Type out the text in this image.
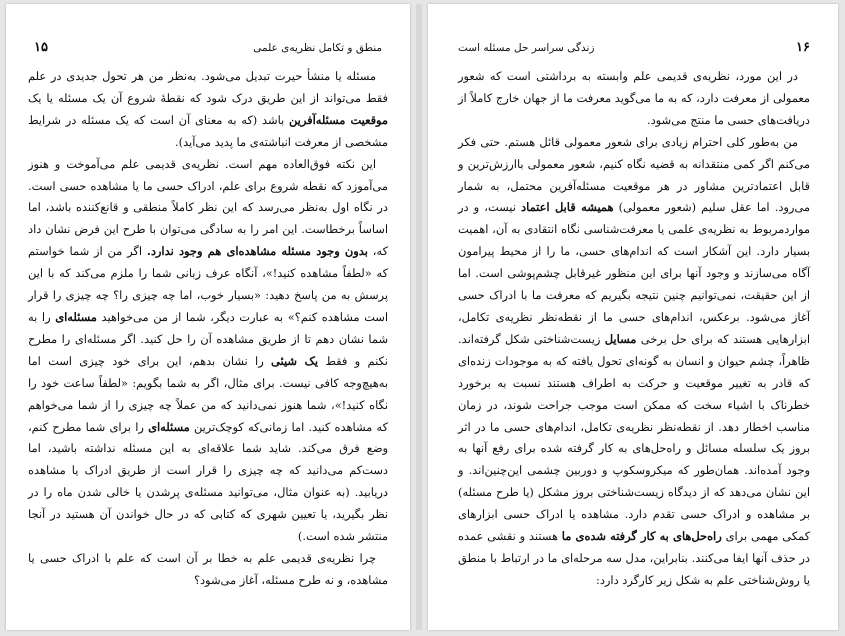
منطق و تکامل نظریه‌ی علمی
۱۵

مسئله یا منشأ حیرت تبدیل می‌شود. به‌نظر من هر تحول جدیدی در علم فقط می‌تواند از این طریق درک شود که نقطهٔ شروع آن یک مسئله یا یک موقعیت مسئله‌آفرین باشد (که به معنای آن است که یک مسئله در شرایط مشخصی از معرفت انباشته‌ی ما پدید می‌آید).

این نکته فوق‌العاده مهم است. نظریه‌ی قدیمی علم می‌آموخت و هنوز می‌آموزد که نقطه شروع برای علم، ادراک حسی ما یا مشاهده حسی است. در نگاه اول به‌نظر می‌رسد که این نظر کاملاً منطقی و قانع‌کننده باشد، اما اساساً برخطاست. این امر را به سادگی می‌توان با طرح این فرض نشان داد که، بدون وجود مسئله مشاهده‌ای هم وجود ندارد. اگر من از شما خواستم که «لطفاً مشاهده کنید!»، آنگاه عرف زبانی شما را ملزم می‌کند که با این پرسش به من پاسخ دهید: «بسیار خوب، اما چه چیزی را؟ چه چیزی را قرار است مشاهده کنم؟» به عبارت دیگر، شما از من می‌خواهید مسئله‌ای را به شما نشان دهم تا از طریق مشاهده آن را حل کنید. اگر مسئله‌ای را مطرح نکنم و فقط یک شیئی را نشان بدهم، این برای خود چیزی است اما به‌هیچ‌وجه کافی نیست. برای مثال، اگر به شما بگویم: «لطفاً ساعت خود را نگاه کنید!»، شما هنوز نمی‌دانید که من عملاً چه چیزی را از شما می‌خواهم که مشاهده کنید. اما زمانی‌که کوچک‌ترین مسئله‌ای را برای شما مطرح کنم، وضع فرق می‌کند. شاید شما علاقه‌ای به این مسئله نداشته باشید، اما دست‌کم می‌دانید که چه چیزی را قرار است از طریق ادراک یا مشاهده دریابید. (به عنوان مثال، می‌توانید مسئله‌ی پرشدن یا خالی شدن ماه را در نظر بگیرید، یا تعیین شهری که کتابی که در حال خواندن آن هستید در آنجا منتشر شده است.)

چرا نظریه‌ی قدیمی علم به خطا بر آن است که علم با ادراک حسی یا مشاهده، و نه طرح مسئله، آغاز می‌شود؟

۱۶
زندگی سراسر حل مسئله است

در این مورد، نظریه‌ی قدیمی علم وابسته به برداشتی است که شعور معمولی از معرفت دارد، که به ما می‌گوید معرفت ما از جهان خارج کاملاً از دریافت‌های حسی ما منتج می‌شود.

من به‌طور کلی احترام زیادی برای شعور معمولی قائل هستم. حتی فکر می‌کنم اگر کمی منتقدانه به قضیه نگاه کنیم، شعور معمولی باارزش‌ترین و قابل اعتمادترین مشاور در هر موقعیت مسئله‌آفرین محتمل، به شمار می‌رود. اما عقل سلیم (شعور معمولی) همیشه قابل اعتماد نیست، و در مواردمربوط به نظریه‌ی علمی یا معرفت‌شناسی نگاه انتقادی به آن، اهمیت بسیار دارد. این آشکار است که اندام‌های حسی، ما را از محیط پیرامون آگاه می‌سازند و وجود آنها برای این منظور غیرقابل چشم‌پوشی است. اما از این حقیقت، نمی‌توانیم چنین نتیجه بگیریم که معرفت ما با ادراک حسی آغاز می‌شود. برعکس، اندام‌های حسی ما از نقطه‌نظر نظریه‌ی تکامل، ابزارهایی هستند که برای حل برخی مسایل زیست‌شناختی شکل گرفته‌اند. ظاهراً، چشم حیوان و انسان به گونه‌ای تحول یافته که به موجودات زنده‌ای که قادر به تغییر موقعیت و حرکت به اطراف هستند نسبت به برخورد خطرناک با اشیاء سخت که ممکن است موجب جراحت شوند، در زمان مناسب اخطار دهد. از نقطه‌نظر نظریه‌ی تکامل، اندام‌های حسی ما در اثر بروز یک سلسله مسائل و راه‌حل‌های به کار گرفته شده برای رفع آنها به وجود آمده‌اند. همان‌طور که میکروسکوپ و دوربین چشمی این‌چنین‌اند. و این نشان می‌دهد که از دیدگاه زیست‌شناختی بروز مشکل (یا طرح مسئله) بر مشاهده و ادراک حسی تقدم دارد. مشاهده یا ادراک حسی ابزارهای کمکی مهمی برای راه‌حل‌های به کار گرفته شده‌ی ما هستند و نقشی عمده در حذف آنها ایفا می‌کنند. بنابراین، مدل سه مرحله‌ای ما در ارتباط با منطق یا روش‌شناختی علم به شکل زیر کارگرد دارد:
